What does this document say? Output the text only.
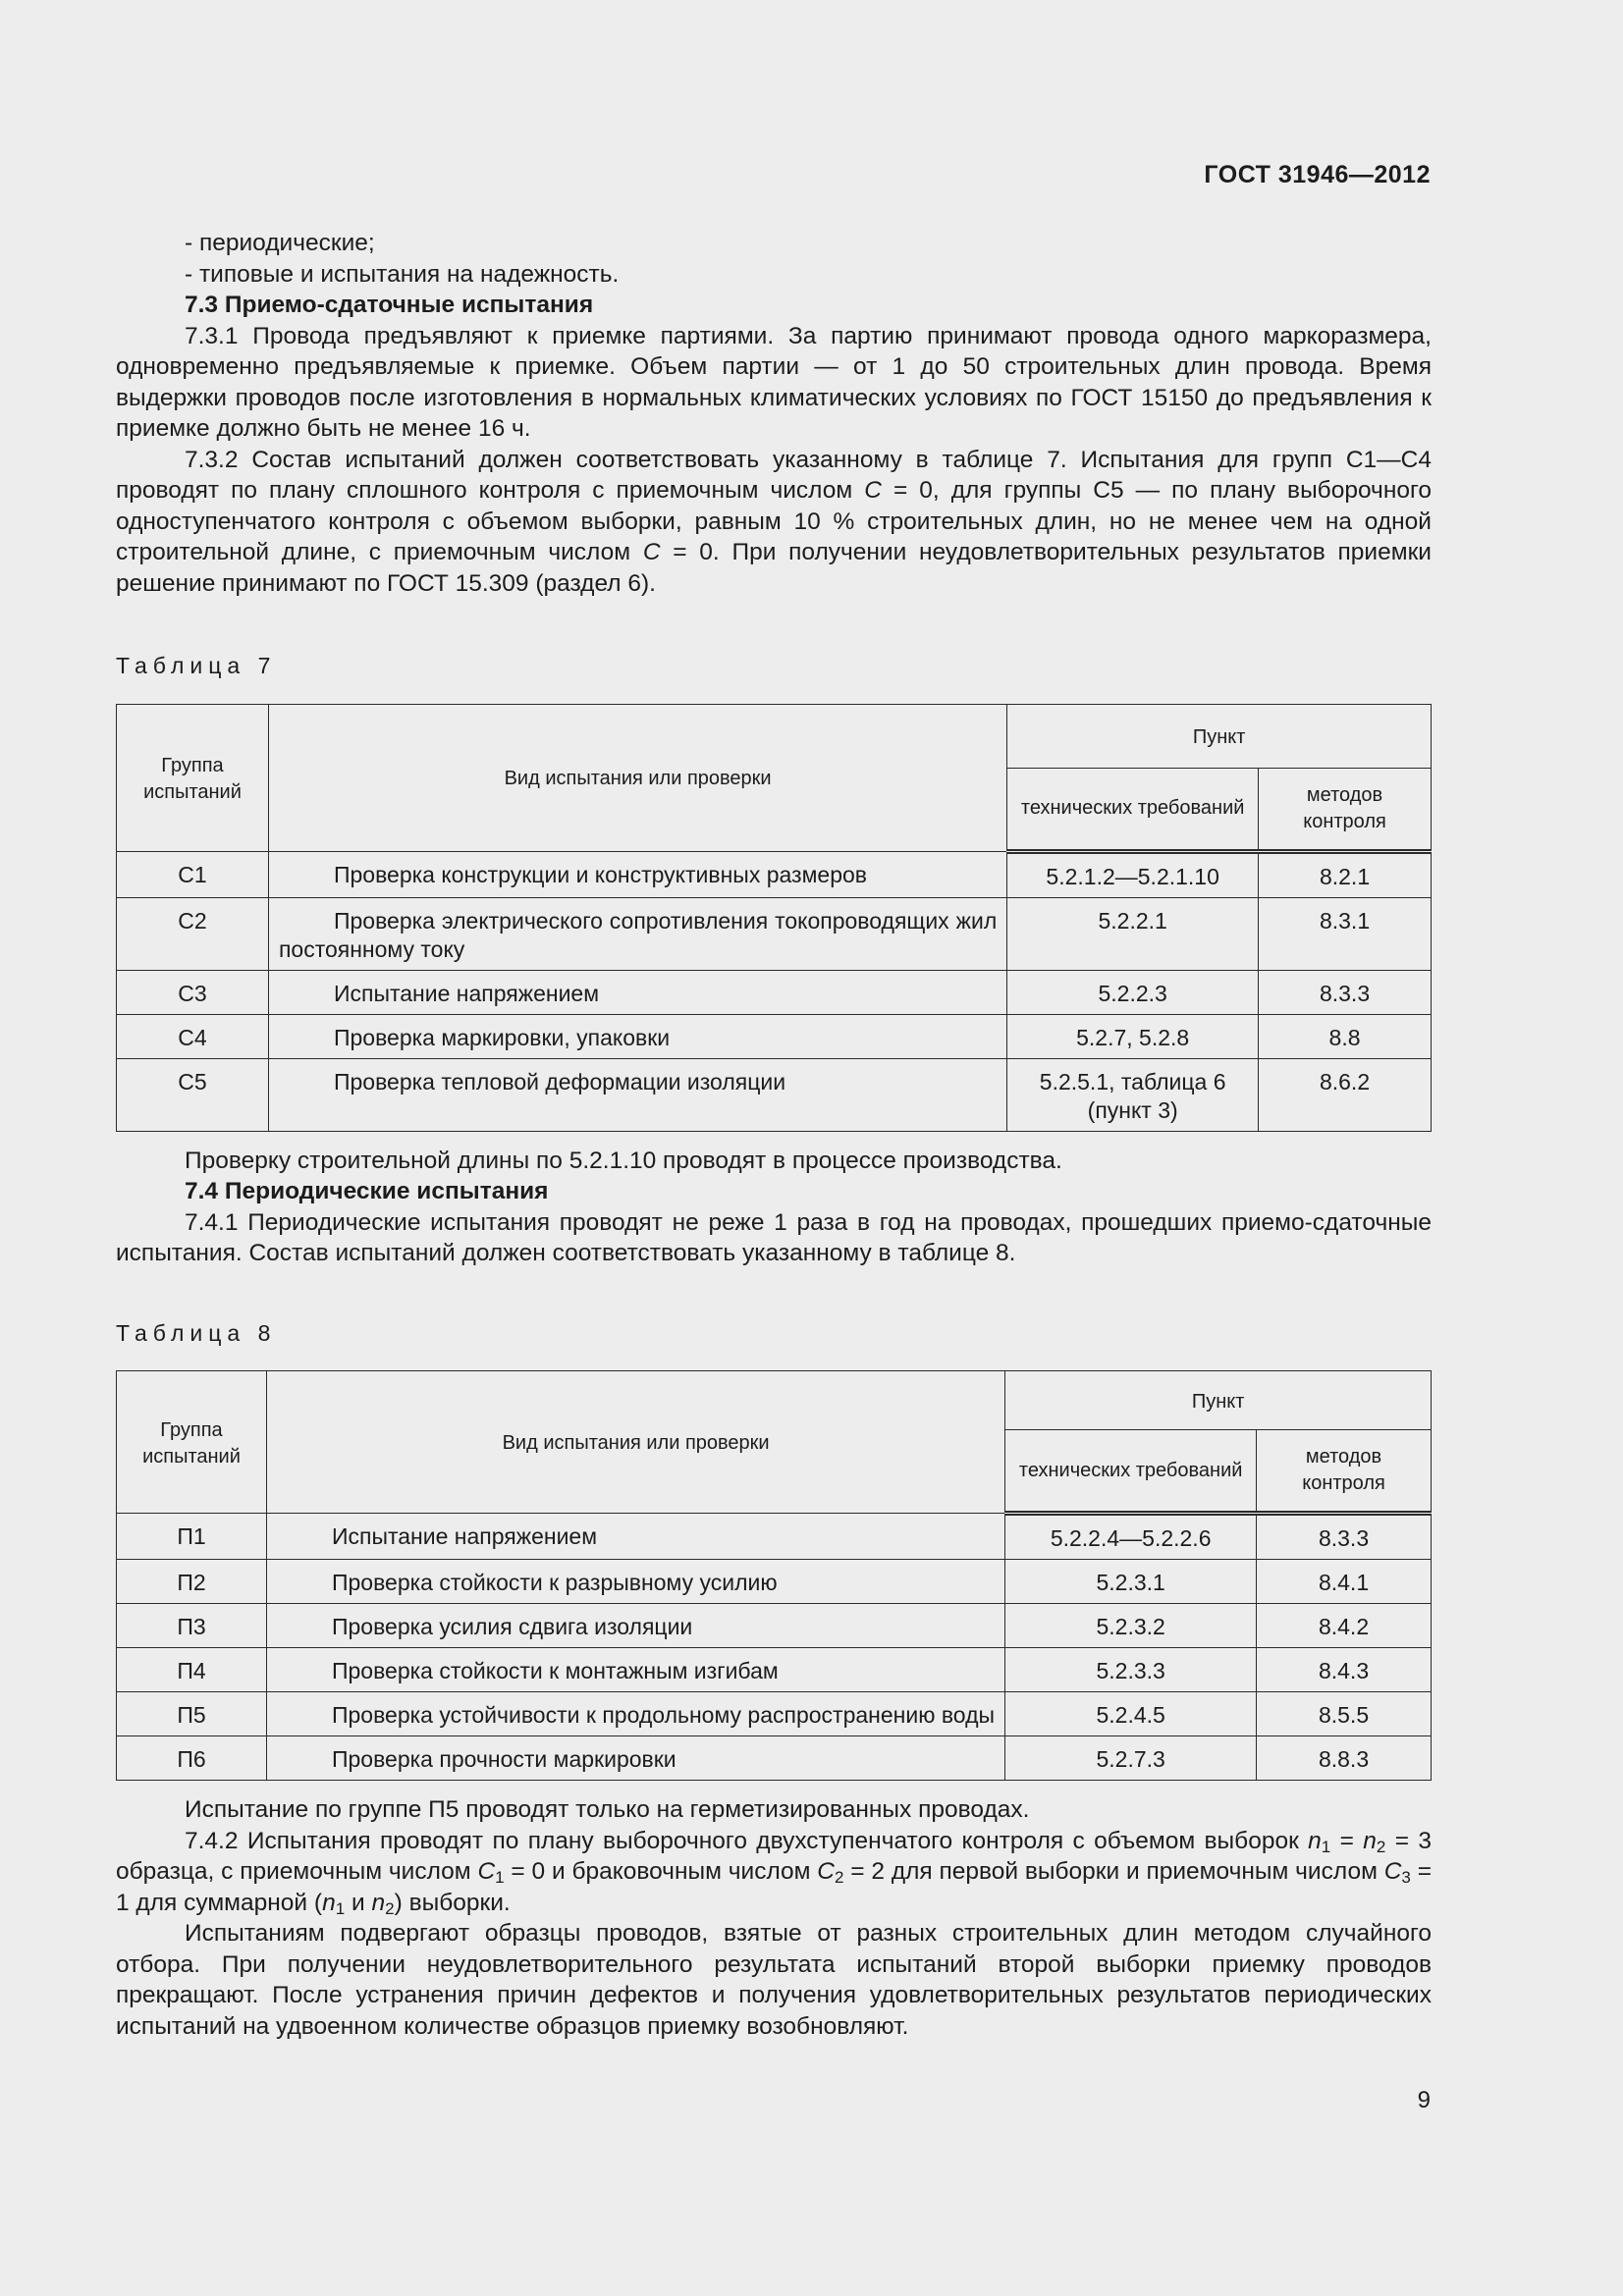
ГОСТ 31946—2012

- периодические;

- типовые и испытания на надежность.

7.3 Приемо-сдаточные испытания

7.3.1 Провода предъявляют к приемке партиями. За партию принимают провода одного маркоразмера, одновременно предъявляемые к приемке. Объем партии — от 1 до 50 строительных длин провода. Время выдержки проводов после изготовления в нормальных климатических условиях по ГОСТ 15150 до предъявления к приемке должно быть не менее 16 ч.

7.3.2 Состав испытаний должен соответствовать указанному в таблице 7. Испытания для групп С1—С4 проводят по плану сплошного контроля с приемочным числом C = 0, для группы С5 — по плану выборочного одноступенчатого контроля с объемом выборки, равным 10 % строительных длин, но не менее чем на одной строительной длине, с приемочным числом C = 0. При получении неудовлетворительных результатов приемки решение принимают по ГОСТ 15.309 (раздел 6).

Таблица 7

Группа испытаний	Вид испытания или проверки	Пункт	
		технических требований	методов контроля
С1	Проверка конструкции и конструктивных размеров	5.2.1.2—5.2.1.10	8.2.1
С2	Проверка электрического сопротивления токопроводящих жил постоянному току	5.2.2.1	8.3.1
С3	Испытание напряжением	5.2.2.3	8.3.3
С4	Проверка маркировки, упаковки	5.2.7, 5.2.8	8.8
С5	Проверка тепловой деформации изоляции	5.2.5.1, таблица 6 (пункт 3)	8.6.2

Проверку строительной длины по 5.2.1.10 проводят в процессе производства.

7.4 Периодические испытания

7.4.1 Периодические испытания проводят не реже 1 раза в год на проводах, прошедших приемо-сдаточные испытания. Состав испытаний должен соответствовать указанному в таблице 8.

Таблица 8

Группа испытаний	Вид испытания или проверки	Пункт	
		технических требований	методов контроля
П1	Испытание напряжением	5.2.2.4—5.2.2.6	8.3.3
П2	Проверка стойкости к разрывному усилию	5.2.3.1	8.4.1
П3	Проверка усилия сдвига изоляции	5.2.3.2	8.4.2
П4	Проверка стойкости к монтажным изгибам	5.2.3.3	8.4.3
П5	Проверка устойчивости к продольному распространению воды	5.2.4.5	8.5.5
П6	Проверка прочности маркировки	5.2.7.3	8.8.3

Испытание по группе П5 проводят только на герметизированных проводах.

7.4.2 Испытания проводят по плану выборочного двухступенчатого контроля с объемом выборок $n_1 = n_2 = 3$ образца, с приемочным числом $C_1 = 0$ и браковочным числом $C_2 = 2$ для первой выборки и приемочным числом $C_3 = 1$ для суммарной ($n_1$ и $n_2$) выборки.

Испытаниям подвергают образцы проводов, взятые от разных строительных длин методом случайного отбора. При получении неудовлетворительного результата испытаний второй выборки приемку проводов прекращают. После устранения причин дефектов и получения удовлетворительных результатов периодических испытаний на удвоенном количестве образцов приемку возобновляют.

9
